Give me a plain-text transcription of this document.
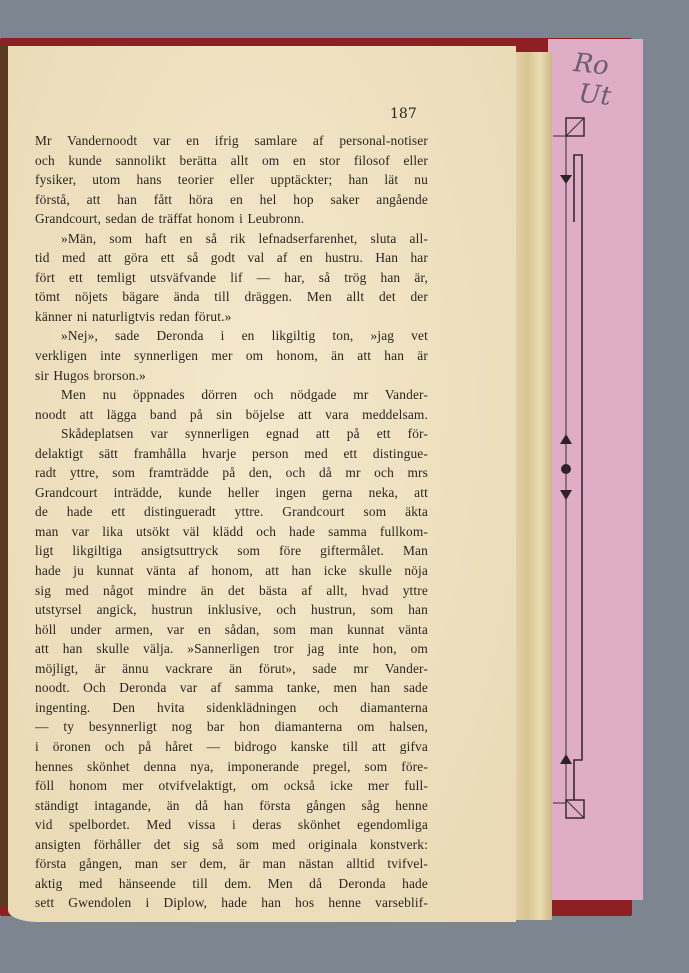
Ro
Ut
187
Mr Vandernoodt var en ifrig samlare af personal-notiser
och kunde sannolikt berätta allt om en stor filosof eller
fysiker, utom hans teorier eller upptäckter; han lät nu
förstå, att han fått höra en hel hop saker angående
Grandcourt, sedan de träffat honom i Leubronn.
»Män, som haft en så rik lefnadserfarenhet, sluta all-
tid med att göra ett så godt val af en hustru. Han har
fört ett temligt utsväfvande lif — har, så trög han är,
tömt nöjets bägare ända till dräggen. Men allt det der
känner ni naturligtvis redan förut.»
»Nej», sade Deronda i en likgiltig ton, »jag vet
verkligen inte synnerligen mer om honom, än att han är
sir Hugos brorson.»
Men nu öppnades dörren och nödgade mr Vander-
noodt att lägga band på sin böjelse att vara meddelsam.
Skådeplatsen var synnerligen egnad att på ett för-
delaktigt sätt framhålla hvarje person med ett distingue-
radt yttre, som framträdde på den, och då mr och mrs
Grandcourt inträdde, kunde heller ingen gerna neka, att
de hade ett distingueradt yttre. Grandcourt som äkta
man var lika utsökt väl klädd och hade samma fullkom-
ligt likgiltiga ansigtsuttryck som före giftermålet. Man
hade ju kunnat vänta af honom, att han icke skulle nöja
sig med något mindre än det bästa af allt, hvad yttre
utstyrsel angick, hustrun inklusive, och hustrun, som han
höll under armen, var en sådan, som man kunnat vänta
att han skulle välja. »Sannerligen tror jag inte hon, om
möjligt, är ännu vackrare än förut», sade mr Vander-
noodt. Och Deronda var af samma tanke, men han sade
ingenting. Den hvita sidenklädningen och diamanterna
— ty besynnerligt nog bar hon diamanterna om halsen,
i öronen och på håret — bidrogo kanske till att gifva
hennes skönhet denna nya, imponerande pregel, som före-
föll honom mer otvifvelaktigt, om också icke mer full-
ständigt intagande, än då han första gången såg henne
vid spelbordet. Med vissa i deras skönhet egendomliga
ansigten förhåller det sig så som med originala konstverk:
första gången, man ser dem, är man nästan alltid tvifvel-
aktig med hänseende till dem. Men då Deronda hade
sett Gwendolen i Diplow, hade han hos henne varseblif-
